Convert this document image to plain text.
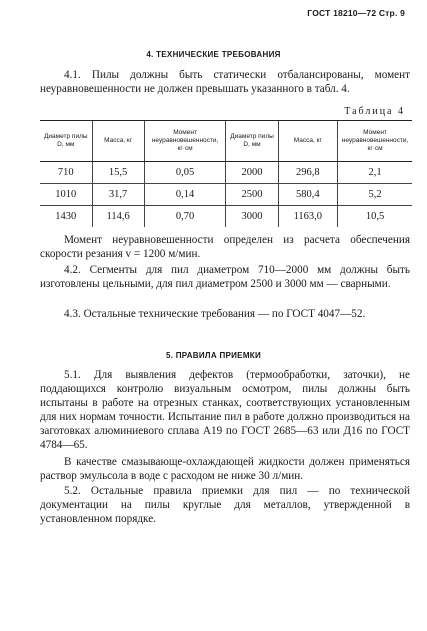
ГОСТ 18210—72 Стр. 9
4. ТЕХНИЧЕСКИЕ ТРЕБОВАНИЯ

4.1. Пилы должны быть статически отбалансированы, момент неуравновешенности не должен превышать указанного в табл. 4.

Таблица 4
Диаметр пилы D, мм	Масса, кг	Момент неуравновешенности, кг·см	Диаметр пилы D, мм	Масса, кг	Момент неуравновешенности, кг·см
710	15,5	0,05	2000	296,8	2,1
1010	31,7	0,14	2500	580,4	5,2
1430	114,6	0,70	3000	1163,0	10,5

Момент неуравновешенности определен из расчета обеспечения скорости резания v = 1200 м/мин.

4.2. Сегменты для пил диаметром 710—2000 мм должны быть изготовлены цельными, для пил диаметром 2500 и 3000 мм — сварными.

4.3. Остальные технические требования — по ГОСТ 4047—52.

5. ПРАВИЛА ПРИЕМКИ

5.1. Для выявления дефектов (термообработки, заточки), не поддающихся контролю визуальным осмотром, пилы должны быть испытаны в работе на отрезных станках, соответствующих установленным для них нормам точности. Испытание пил в работе должно производиться на заготовках алюминиевого сплава А19 по ГОСТ 2685—63 или Д16 по ГОСТ 4784—65.

В качестве смазывающе-охлаждающей жидкости должен применяться раствор эмульсола в воде с расходом не ниже 30 л/мин.

5.2. Остальные правила приемки для пил — по технической документации на пилы круглые для металлов, утвержденной в установленном порядке.
